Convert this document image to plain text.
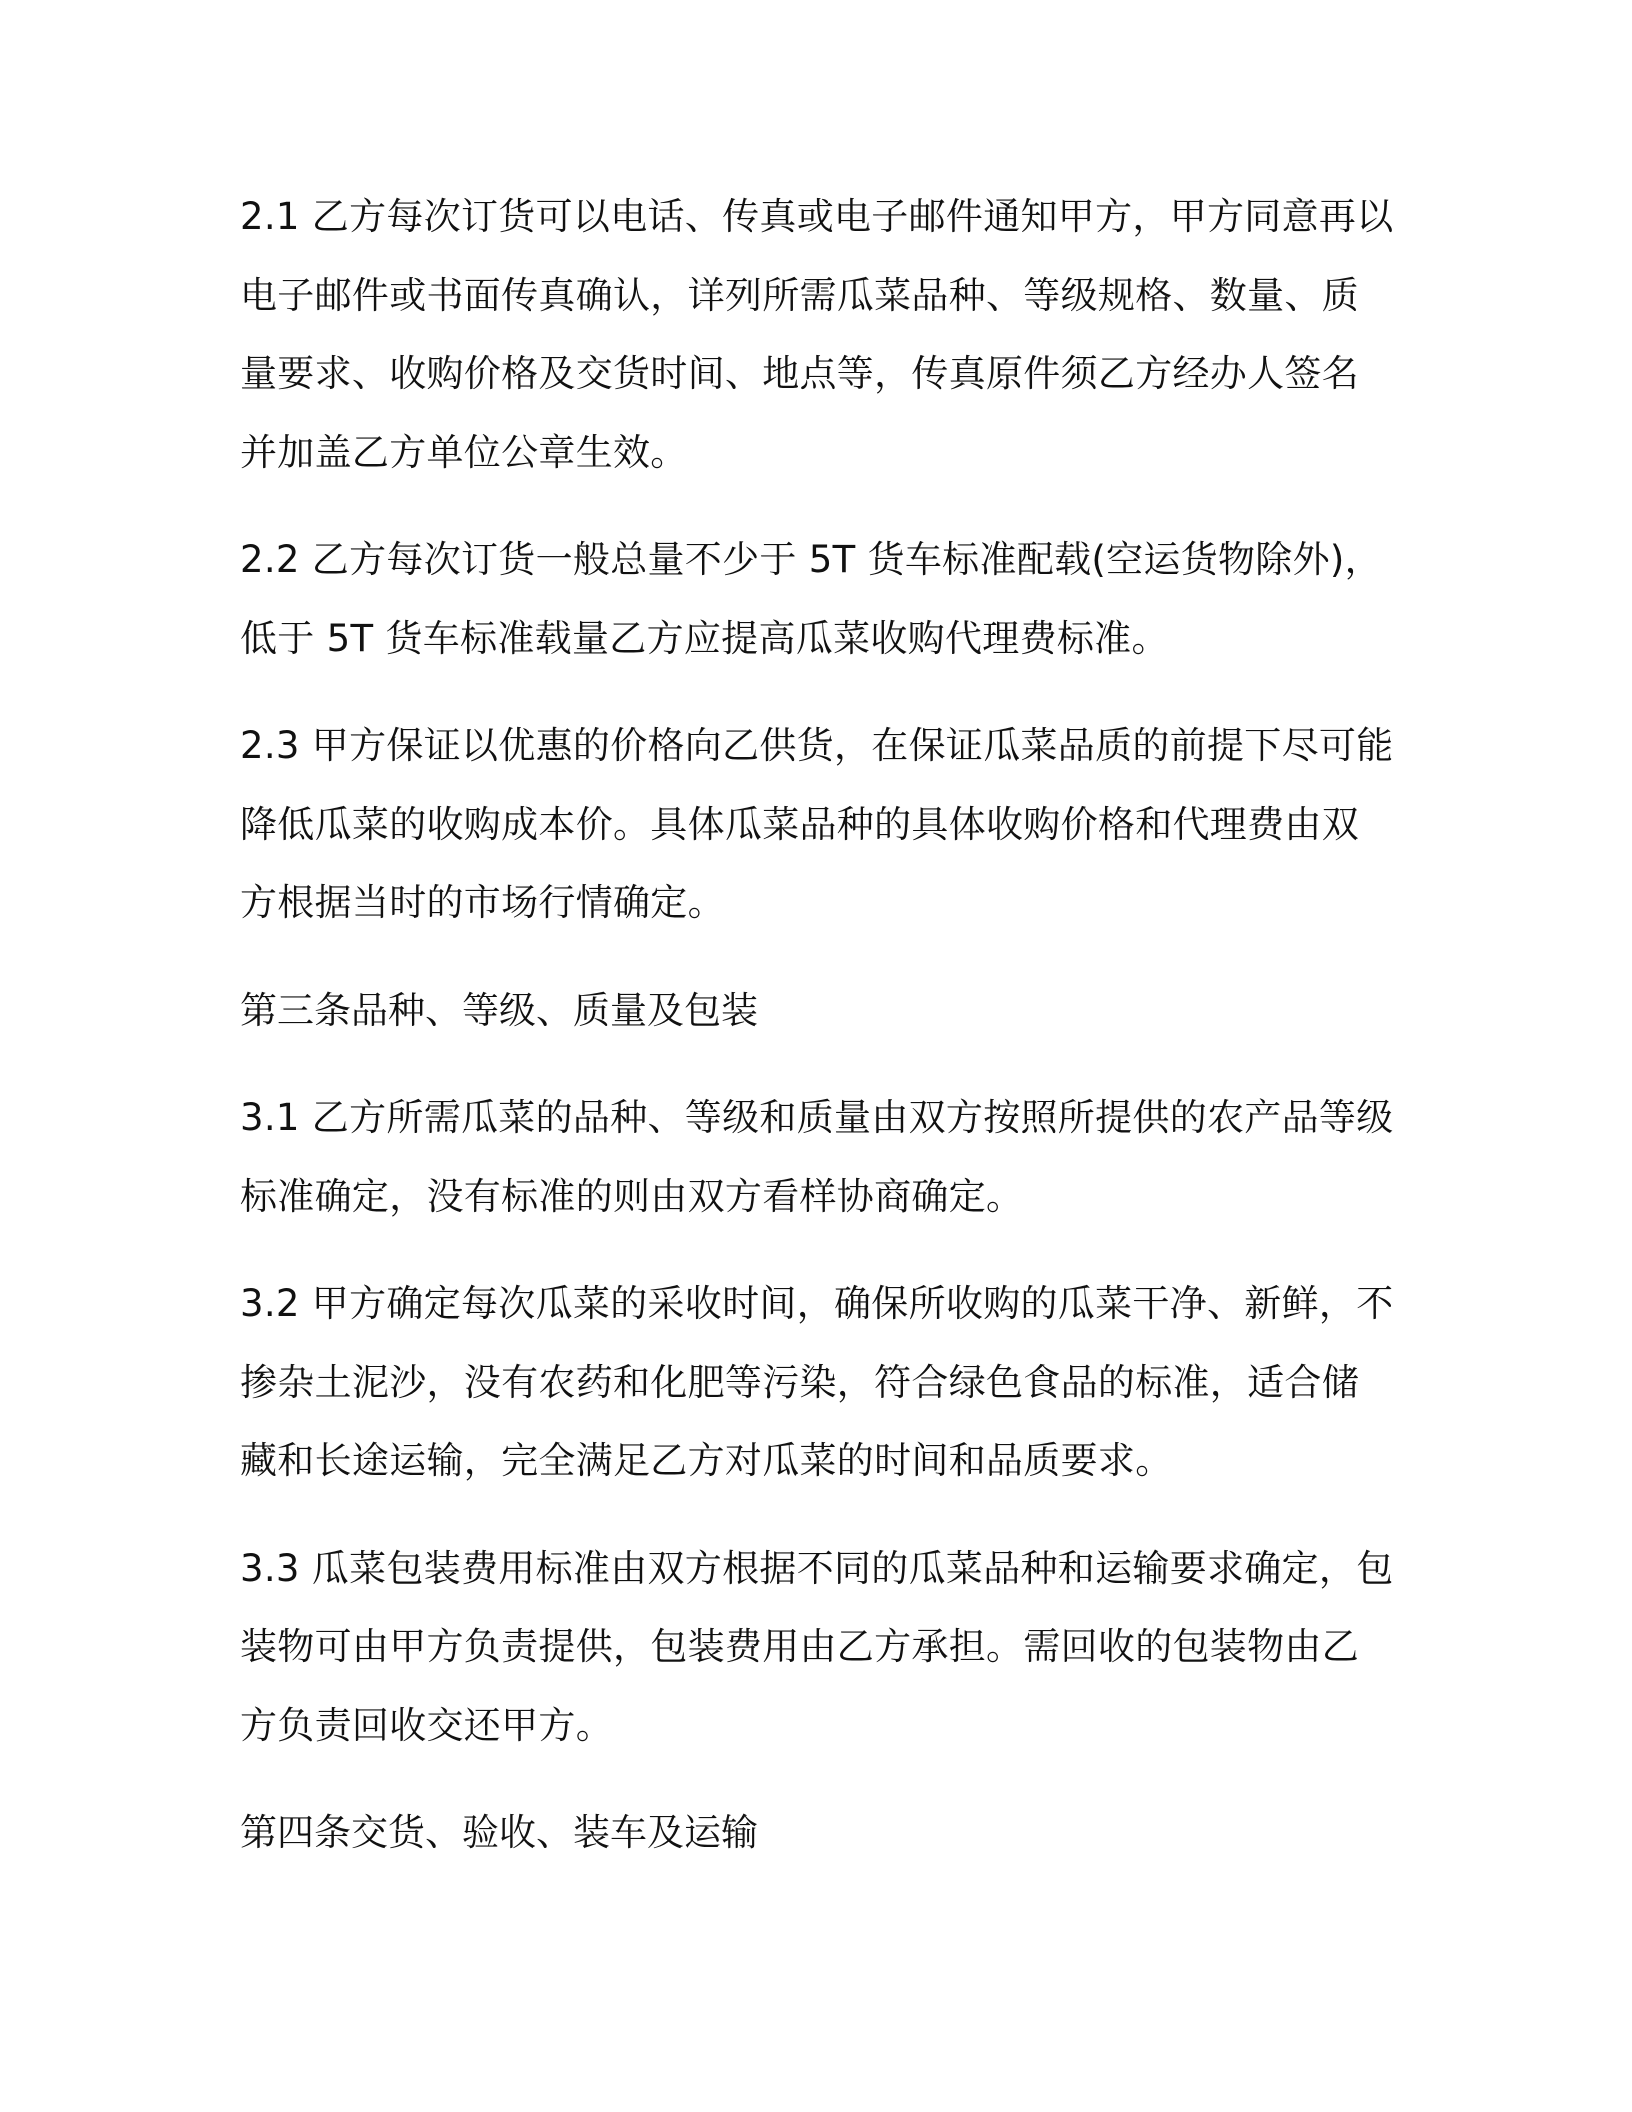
2.1 乙方每次订货可以电话、传真或电子邮件通知甲方，甲方同意再以
电子邮件或书面传真确认，详列所需瓜菜品种、等级规格、数量、质
量要求、收购价格及交货时间、地点等，传真原件须乙方经办人签名
并加盖乙方单位公章生效。

2.2 乙方每次订货一般总量不少于 5T 货车标准配载(空运货物除外)，
低于 5T 货车标准载量乙方应提高瓜菜收购代理费标准。

2.3 甲方保证以优惠的价格向乙供货，在保证瓜菜品质的前提下尽可能
降低瓜菜的收购成本价。具体瓜菜品种的具体收购价格和代理费由双
方根据当时的市场行情确定。

第三条品种、等级、质量及包装

3.1 乙方所需瓜菜的品种、等级和质量由双方按照所提供的农产品等级
标准确定，没有标准的则由双方看样协商确定。

3.2 甲方确定每次瓜菜的采收时间，确保所收购的瓜菜干净、新鲜，不
掺杂土泥沙，没有农药和化肥等污染，符合绿色食品的标准，适合储
藏和长途运输，完全满足乙方对瓜菜的时间和品质要求。

3.3 瓜菜包装费用标准由双方根据不同的瓜菜品种和运输要求确定，包
装物可由甲方负责提供，包装费用由乙方承担。需回收的包装物由乙
方负责回收交还甲方。

第四条交货、验收、装车及运输
